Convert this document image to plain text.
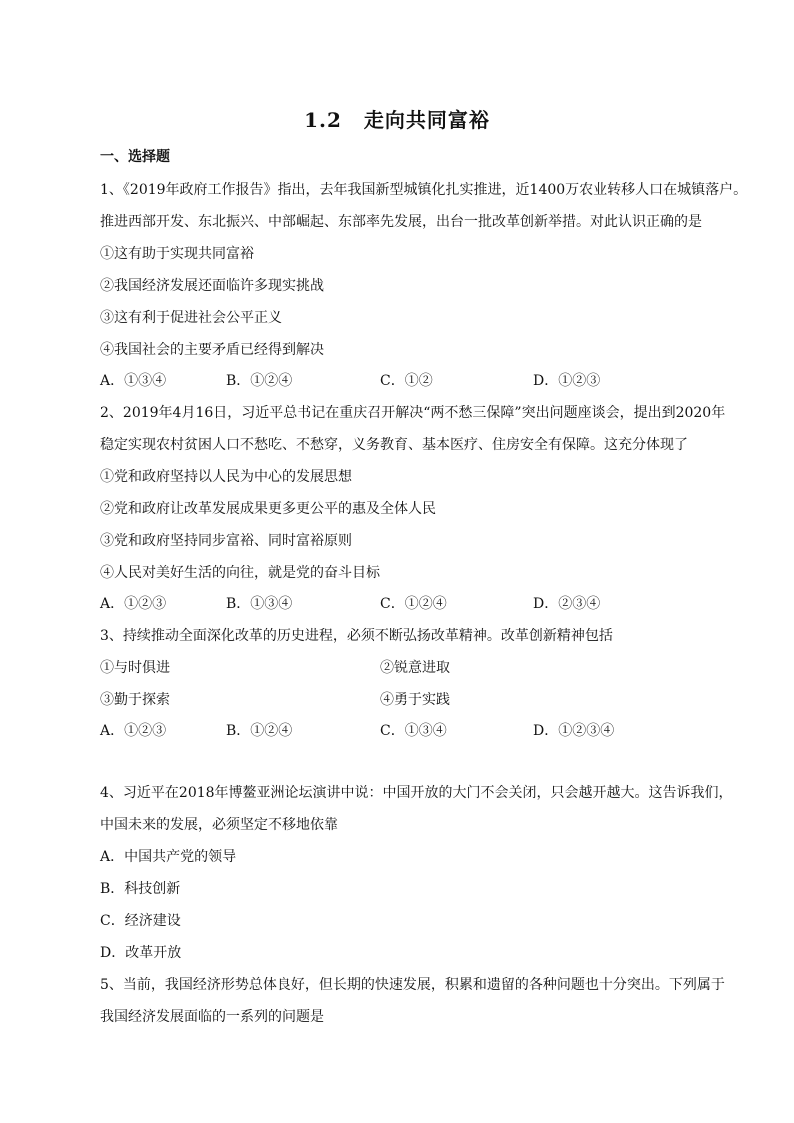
1.2 走向共同富裕
一、选择题
1、《2019年政府工作报告》指出，去年我国新型城镇化扎实推进，近1400万农业转移人口在城镇落户。
推进西部开发、东北振兴、中部崛起、东部率先发展，出台一批改革创新举措。对此认识正确的是
①这有助于实现共同富裕
②我国经济发展还面临许多现实挑战
③这有利于促进社会公平正义
④我国社会的主要矛盾已经得到解决
A．①③④	B．①②④	C．①②	D．①②③
2、2019年4月16日，习近平总书记在重庆召开解决“两不愁三保障”突出问题座谈会，提出到2020年
稳定实现农村贫困人口不愁吃、不愁穿，义务教育、基本医疗、住房安全有保障。这充分体现了
①党和政府坚持以人民为中心的发展思想
②党和政府让改革发展成果更多更公平的惠及全体人民
③党和政府坚持同步富裕、同时富裕原则
④人民对美好生活的向往，就是党的奋斗目标
A．①②③	B．①③④	C．①②④	D．②③④
3、持续推动全面深化改革的历史进程，必须不断弘扬改革精神。改革创新精神包括
①与时俱进	②锐意进取
③勤于探索	④勇于实践
A．①②③	B．①②④	C．①③④	D．①②③④
4、习近平在2018年博鳌亚洲论坛演讲中说：中国开放的大门不会关闭，只会越开越大。这告诉我们，
中国未来的发展，必须坚定不移地依靠
A．中国共产党的领导
B．科技创新
C．经济建设
D．改革开放
5、当前，我国经济形势总体良好，但长期的快速发展，积累和遗留的各种问题也十分突出。下列属于
我国经济发展面临的一系列的问题是
